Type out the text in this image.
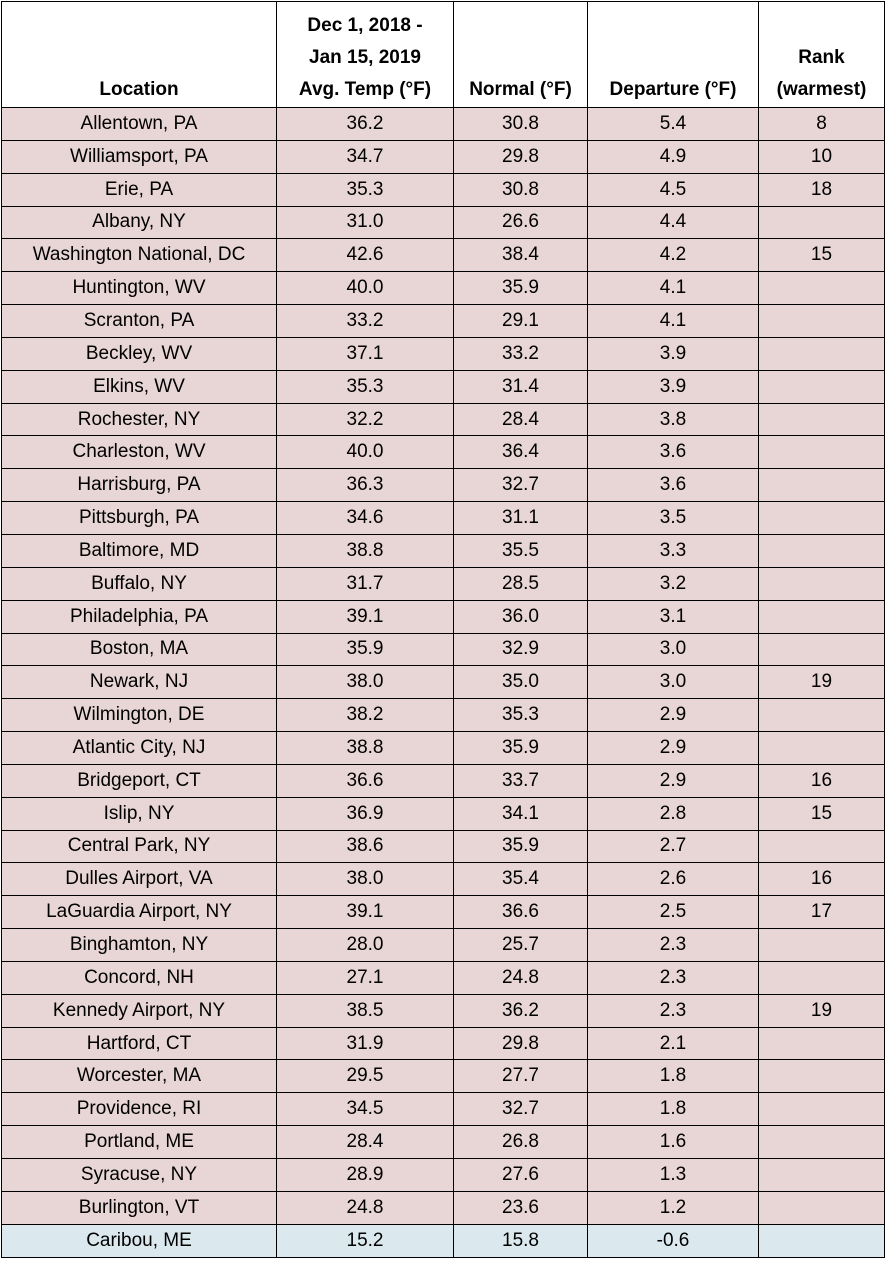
Location	Dec 1, 2018 -
Jan 15, 2019
Avg. Temp (°F)	Normal (°F)	Departure (°F)	Rank
(warmest)
Allentown, PA	36.2	30.8	5.4	8
Williamsport, PA	34.7	29.8	4.9	10
Erie, PA	35.3	30.8	4.5	18
Albany, NY	31.0	26.6	4.4	
Washington National, DC	42.6	38.4	4.2	15
Huntington, WV	40.0	35.9	4.1	
Scranton, PA	33.2	29.1	4.1	
Beckley, WV	37.1	33.2	3.9	
Elkins, WV	35.3	31.4	3.9	
Rochester, NY	32.2	28.4	3.8	
Charleston, WV	40.0	36.4	3.6	
Harrisburg, PA	36.3	32.7	3.6	
Pittsburgh, PA	34.6	31.1	3.5	
Baltimore, MD	38.8	35.5	3.3	
Buffalo, NY	31.7	28.5	3.2	
Philadelphia, PA	39.1	36.0	3.1	
Boston, MA	35.9	32.9	3.0	
Newark, NJ	38.0	35.0	3.0	19
Wilmington, DE	38.2	35.3	2.9	
Atlantic City, NJ	38.8	35.9	2.9	
Bridgeport, CT	36.6	33.7	2.9	16
Islip, NY	36.9	34.1	2.8	15
Central Park, NY	38.6	35.9	2.7	
Dulles Airport, VA	38.0	35.4	2.6	16
LaGuardia Airport, NY	39.1	36.6	2.5	17
Binghamton, NY	28.0	25.7	2.3	
Concord, NH	27.1	24.8	2.3	
Kennedy Airport, NY	38.5	36.2	2.3	19
Hartford, CT	31.9	29.8	2.1	
Worcester, MA	29.5	27.7	1.8	
Providence, RI	34.5	32.7	1.8	
Portland, ME	28.4	26.8	1.6	
Syracuse, NY	28.9	27.6	1.3	
Burlington, VT	24.8	23.6	1.2	
Caribou, ME	15.2	15.8	-0.6	
